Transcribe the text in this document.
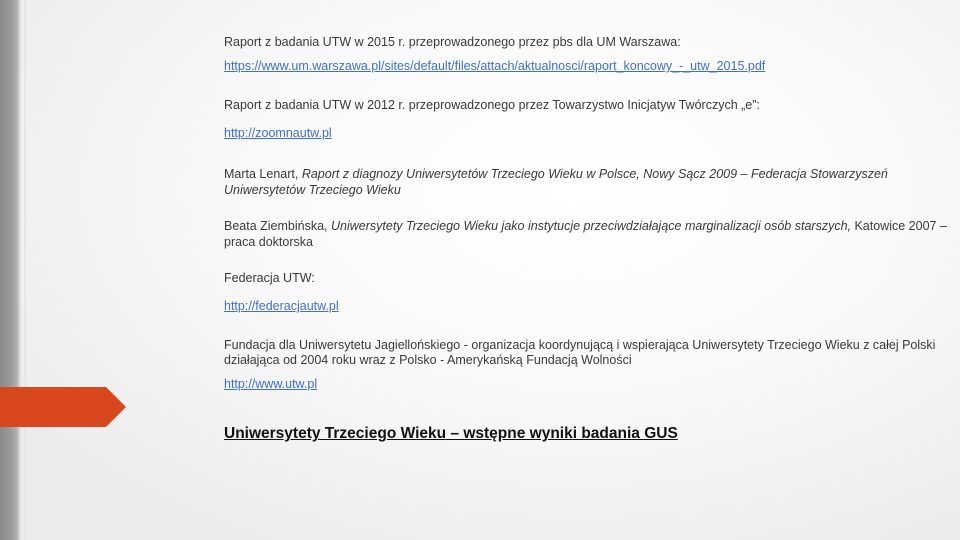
Raport z badania UTW w 2015 r. przeprowadzonego przez pbs dla UM Warszawa:
https://www.um.warszawa.pl/sites/default/files/attach/aktualnosci/raport_koncowy_-_utw_2015.pdf
Raport z badania UTW w 2012 r. przeprowadzonego przez Towarzystwo Inicjatyw Twórczych „e”:
http://zoomnautw.pl
Marta Lenart, Raport z diagnozy Uniwersytetów Trzeciego Wieku w Polsce, Nowy Sącz 2009 – Federacja Stowarzyszeń
Uniwersytetów Trzeciego Wieku
Beata Ziembińska, Uniwersytety Trzeciego Wieku jako instytucje przeciwdziałające marginalizacji osób starszych, Katowice 2007 –
praca doktorska
Federacja UTW:
http://federacjautw.pl
Fundacja dla Uniwersytetu Jagiellońskiego - organizacja koordynującą i wspierająca Uniwersytety Trzeciego Wieku z całej Polski
działająca od 2004 roku wraz z Polsko - Amerykańską Fundacją Wolności
http://www.utw.pl
Uniwersytety Trzeciego Wieku – wstępne wyniki badania GUS
